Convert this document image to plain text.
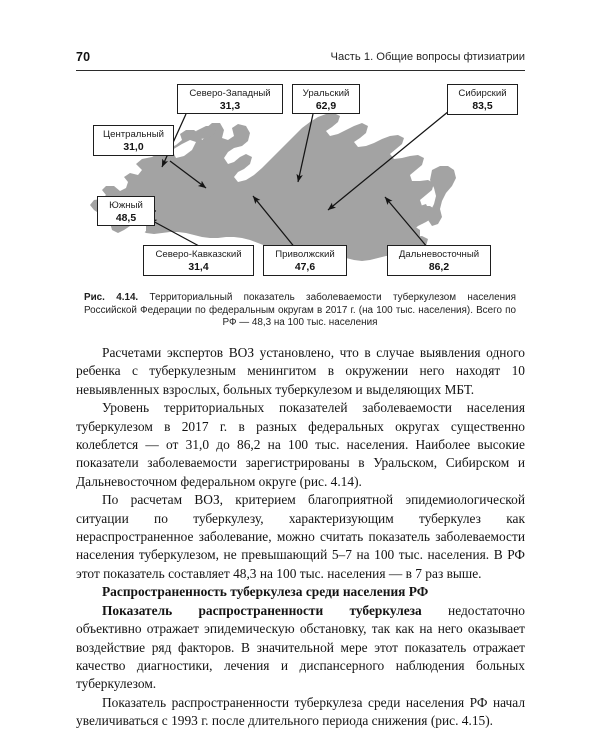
70	Часть 1. Общие вопросы фтизиатрии
Северо-Западный
31,3
Уральский
62,9
Сибирский
83,5
Центральный
31,0
Южный
48,5
Северо-Кавказский
31,4
Приволжский
47,6
Дальневосточный
86,2
Рис. 4.14. Территориальный показатель заболеваемости туберкулезом населения Российской Федерации по федеральным округам в 2017 г. (на 100 тыс. населения). Всего по РФ — 48,3 на 100 тыс. населения

Расчетами экспертов ВОЗ установлено, что в случае выявления одного ребенка с туберкулезным менингитом в окружении него находят 10 невыявленных взрослых, больных туберкулезом и выделяющих МБТ.

Уровень территориальных показателей заболеваемости населения туберкулезом в 2017 г. в разных федеральных округах существенно колеблется — от 31,0 до 86,2 на 100 тыс. населения. Наиболее высокие показатели заболеваемости зарегистрированы в Уральском, Сибирском и Дальневосточном федеральном округе (рис. 4.14).

По расчетам ВОЗ, критерием благоприятной эпидемиологической ситуации по туберкулезу, характеризующим туберкулез как нераспространенное заболевание, можно считать показатель заболеваемости населения туберкулезом, не превышающий 5–7 на 100 тыс. населения. В РФ этот показатель составляет 48,3 на 100 тыс. населения — в 7 раз выше.

Распространенность туберкулеза среди населения РФ

Показатель распространенности туберкулеза недостаточно объективно отражает эпидемическую обстановку, так как на него оказывает воздействие ряд факторов. В значительной мере этот показатель отражает качество диагностики, лечения и диспансерного наблюдения больных туберкулезом.

Показатель распространенности туберкулеза среди населения РФ начал увеличиваться с 1993 г. после длительного периода снижения (рис. 4.15).
